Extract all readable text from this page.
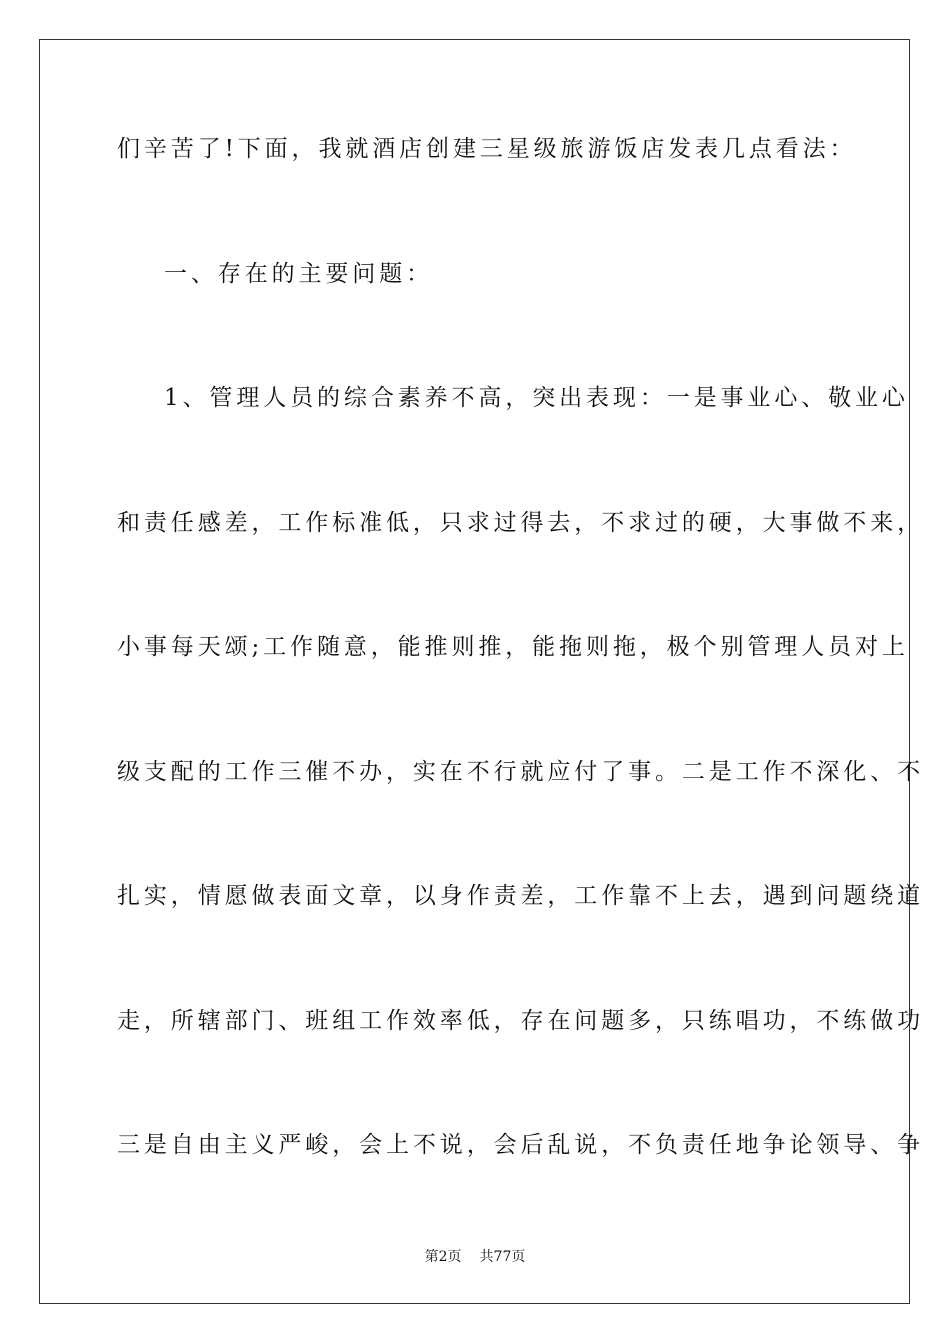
们辛苦了!下面，我就酒店创建三星级旅游饭店发表几点看法：
一、存在的主要问题：
1、管理人员的综合素养不高，突出表现：一是事业心、敬业心
和责任感差，工作标准低，只求过得去，不求过的硬，大事做不来，
小事每天颂;工作随意，能推则推，能拖则拖，极个别管理人员对上
级支配的工作三催不办，实在不行就应付了事。二是工作不深化、不
扎实，情愿做表面文章，以身作责差，工作靠不上去，遇到问题绕道
走，所辖部门、班组工作效率低，存在问题多，只练唱功，不练做功
三是自由主义严峻，会上不说，会后乱说，不负责任地争论领导、争
第2页 共77页
